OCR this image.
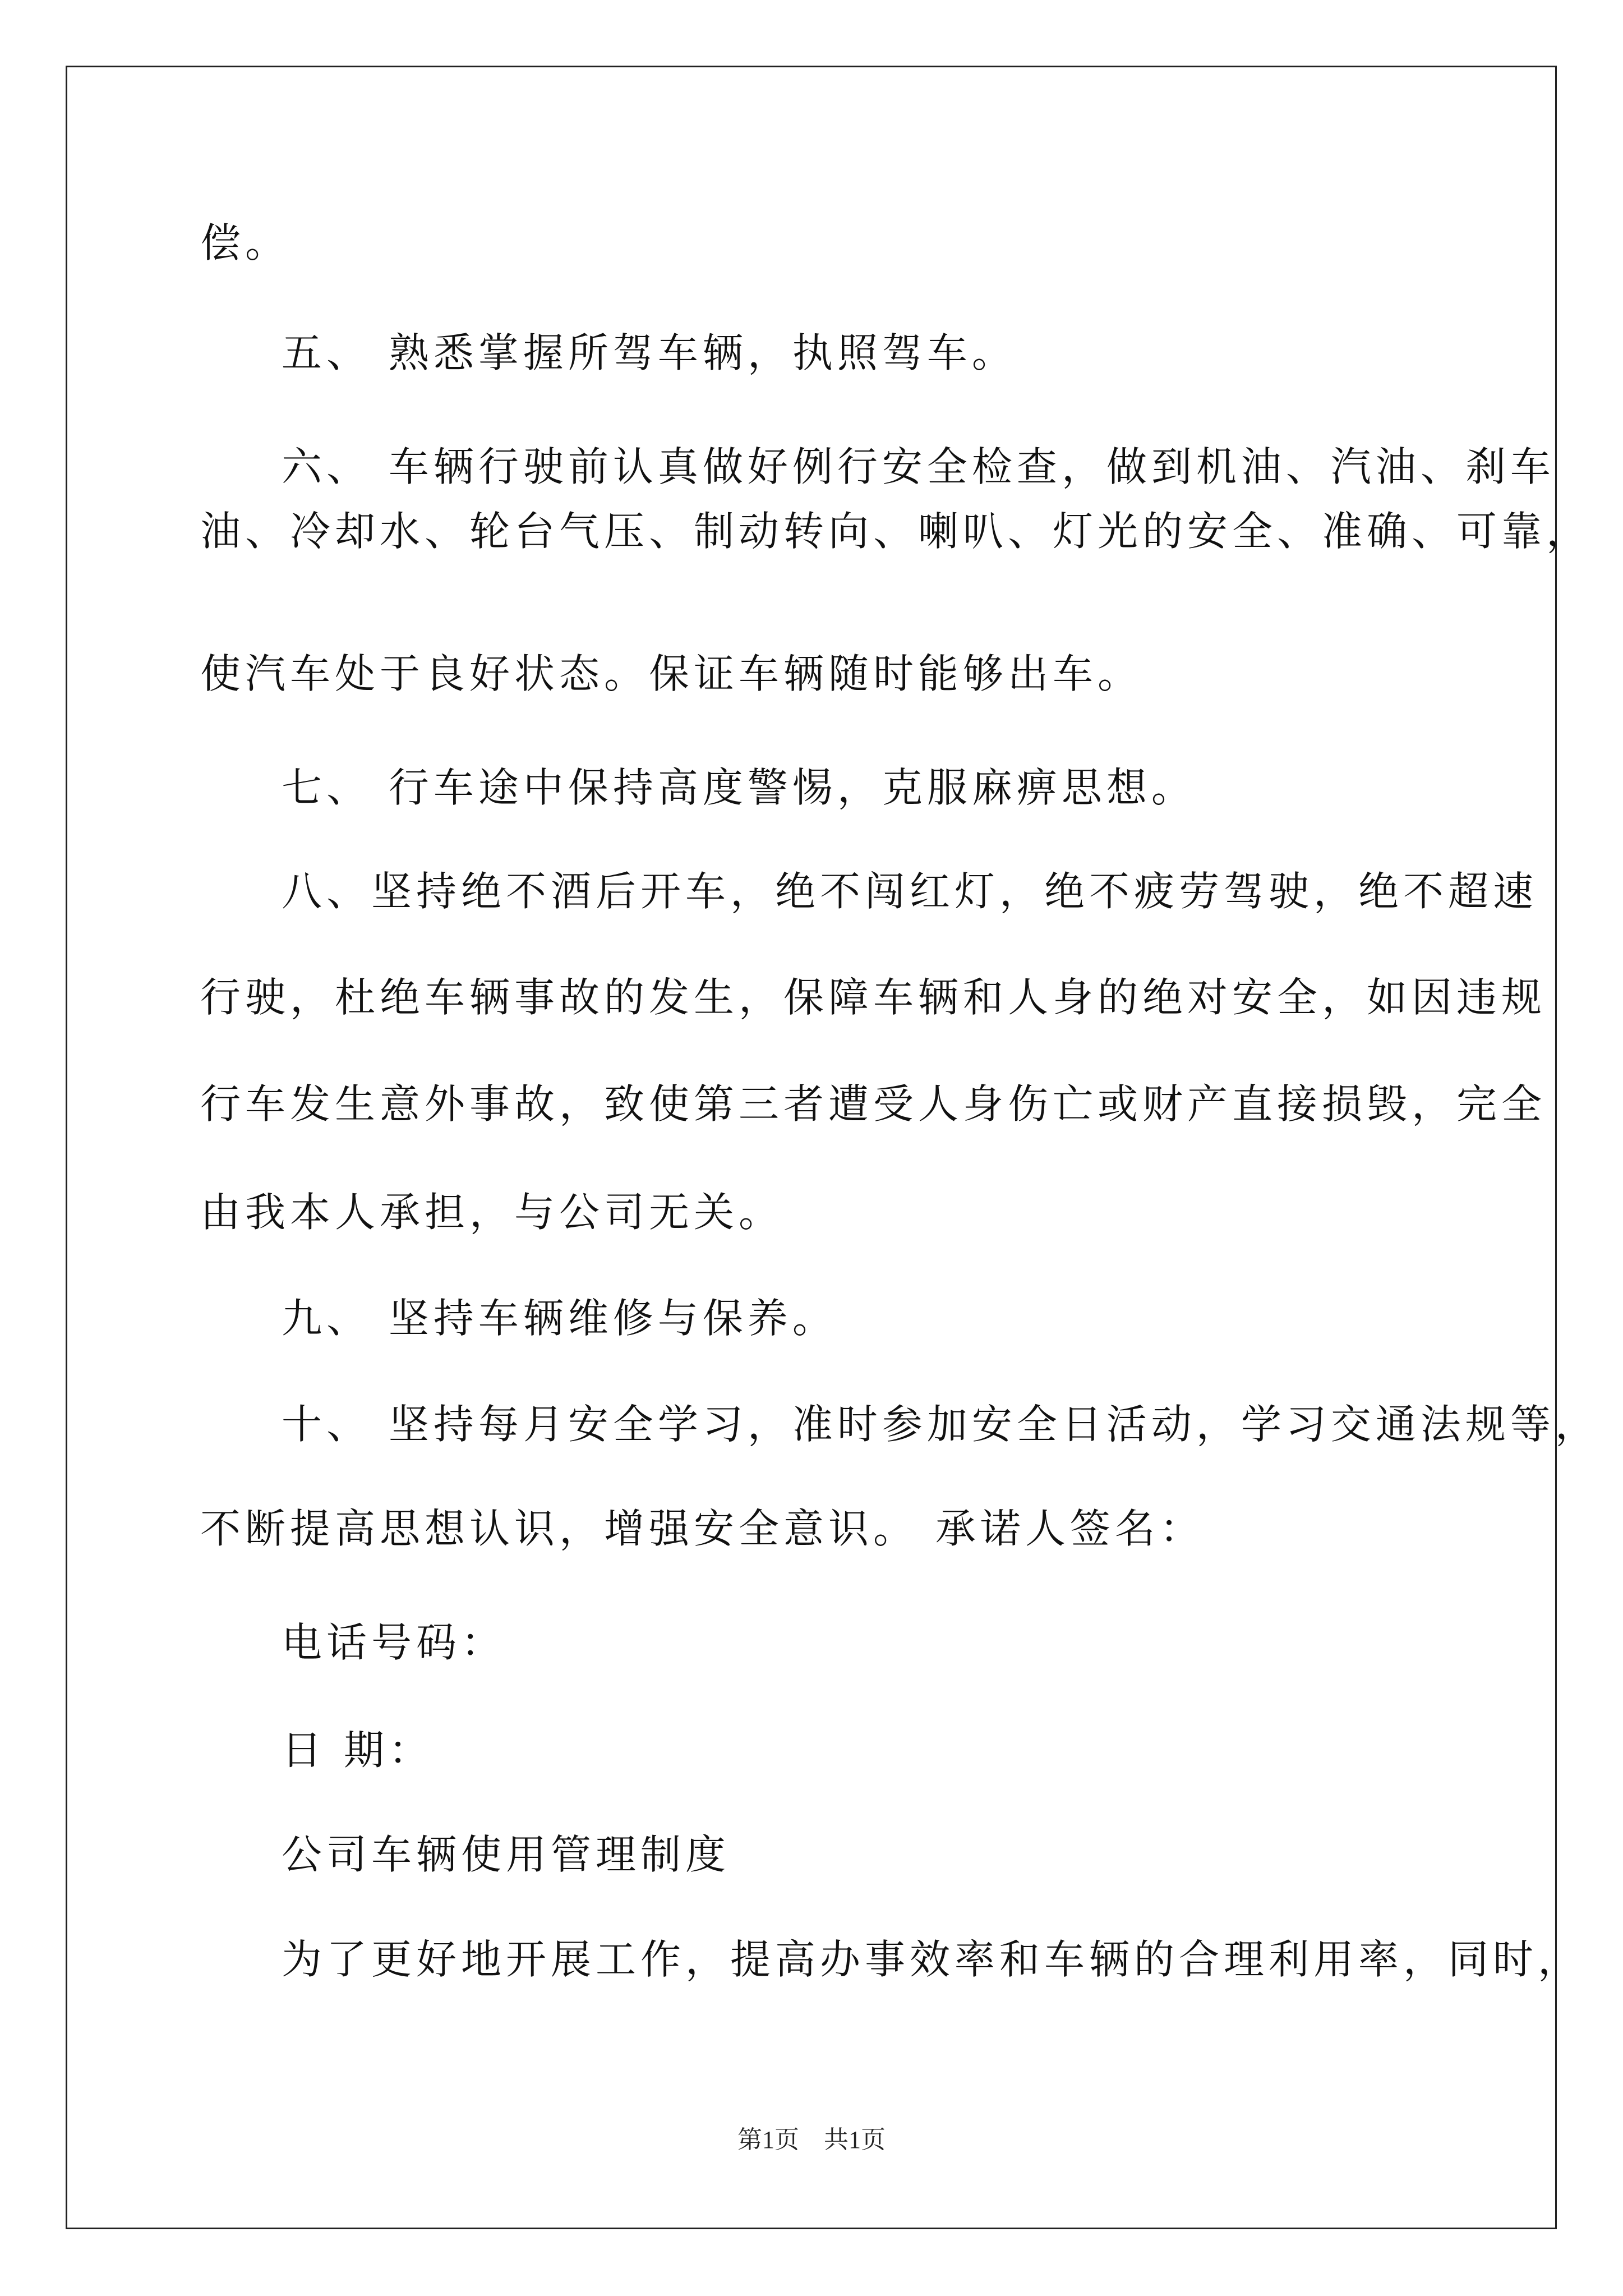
偿。
五、 熟悉掌握所驾车辆，执照驾车。
六、 车辆行驶前认真做好例行安全检查，做到机油、汽油、刹车
油、冷却水、轮台气压、制动转向、喇叭、灯光的安全、准确、可靠，
使汽车处于良好状态。保证车辆随时能够出车。
七、 行车途中保持高度警惕，克服麻痹思想。
八、坚持绝不酒后开车，绝不闯红灯，绝不疲劳驾驶，绝不超速
行驶，杜绝车辆事故的发生，保障车辆和人身的绝对安全，如因违规
行车发生意外事故，致使第三者遭受人身伤亡或财产直接损毁，完全
由我本人承担，与公司无关。
九、 坚持车辆维修与保养。
十、 坚持每月安全学习，准时参加安全日活动，学习交通法规等，
不断提高思想认识，增强安全意识。 承诺人签名：
电话号码：
日 期：
公司车辆使用管理制度
为了更好地开展工作，提高办事效率和车辆的合理利用率，同时，
第1页　共1页
